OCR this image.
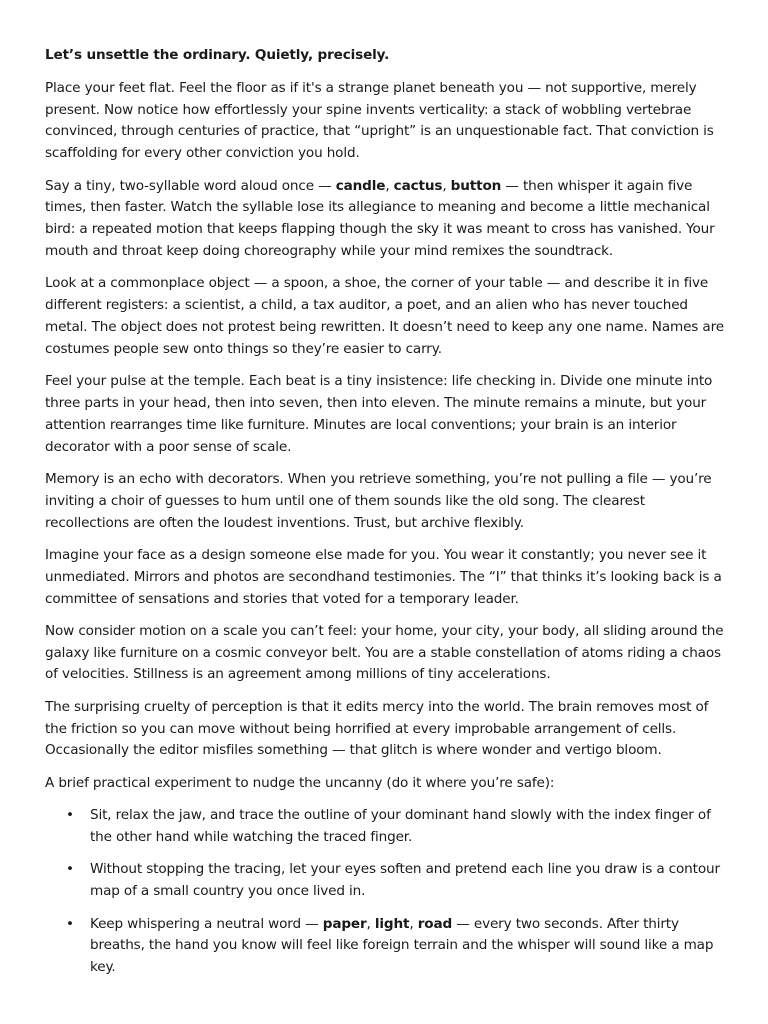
Let’s unsettle the ordinary. Quietly, precisely.

Place your feet flat. Feel the floor as if it's a strange planet beneath you — not supportive, merely present. Now notice how effortlessly your spine invents verticality: a stack of wobbling vertebrae convinced, through centuries of practice, that “upright” is an unquestionable fact. That conviction is scaffolding for every other conviction you hold.

Say a tiny, two-syllable word aloud once — candle, cactus, button — then whisper it again five times, then faster. Watch the syllable lose its allegiance to meaning and become a little mechanical bird: a repeated motion that keeps flapping though the sky it was meant to cross has vanished. Your mouth and throat keep doing choreography while your mind remixes the soundtrack.

Look at a commonplace object — a spoon, a shoe, the corner of your table — and describe it in five different registers: a scientist, a child, a tax auditor, a poet, and an alien who has never touched metal. The object does not protest being rewritten. It doesn’t need to keep any one name. Names are costumes people sew onto things so they’re easier to carry.

Feel your pulse at the temple. Each beat is a tiny insistence: life checking in. Divide one minute into three parts in your head, then into seven, then into eleven. The minute remains a minute, but your attention rearranges time like furniture. Minutes are local conventions; your brain is an interior decorator with a poor sense of scale.

Memory is an echo with decorators. When you retrieve something, you’re not pulling a file — you’re inviting a choir of guesses to hum until one of them sounds like the old song. The clearest recollections are often the loudest inventions. Trust, but archive flexibly.

Imagine your face as a design someone else made for you. You wear it constantly; you never see it unmediated. Mirrors and photos are secondhand testimonies. The “I” that thinks it’s looking back is a committee of sensations and stories that voted for a temporary leader.

Now consider motion on a scale you can’t feel: your home, your city, your body, all sliding around the galaxy like furniture on a cosmic conveyor belt. You are a stable constellation of atoms riding a chaos of velocities. Stillness is an agreement among millions of tiny accelerations.

The surprising cruelty of perception is that it edits mercy into the world. The brain removes most of the friction so you can move without being horrified at every improbable arrangement of cells. Occasionally the editor misfiles something — that glitch is where wonder and vertigo bloom.

A brief practical experiment to nudge the uncanny (do it where you’re safe):

• Sit, relax the jaw, and trace the outline of your dominant hand slowly with the index finger of the other hand while watching the traced finger.
• Without stopping the tracing, let your eyes soften and pretend each line you draw is a contour map of a small country you once lived in.
• Keep whispering a neutral word — paper, light, road — every two seconds. After thirty breaths, the hand you know will feel like foreign terrain and the whisper will sound like a map key.
